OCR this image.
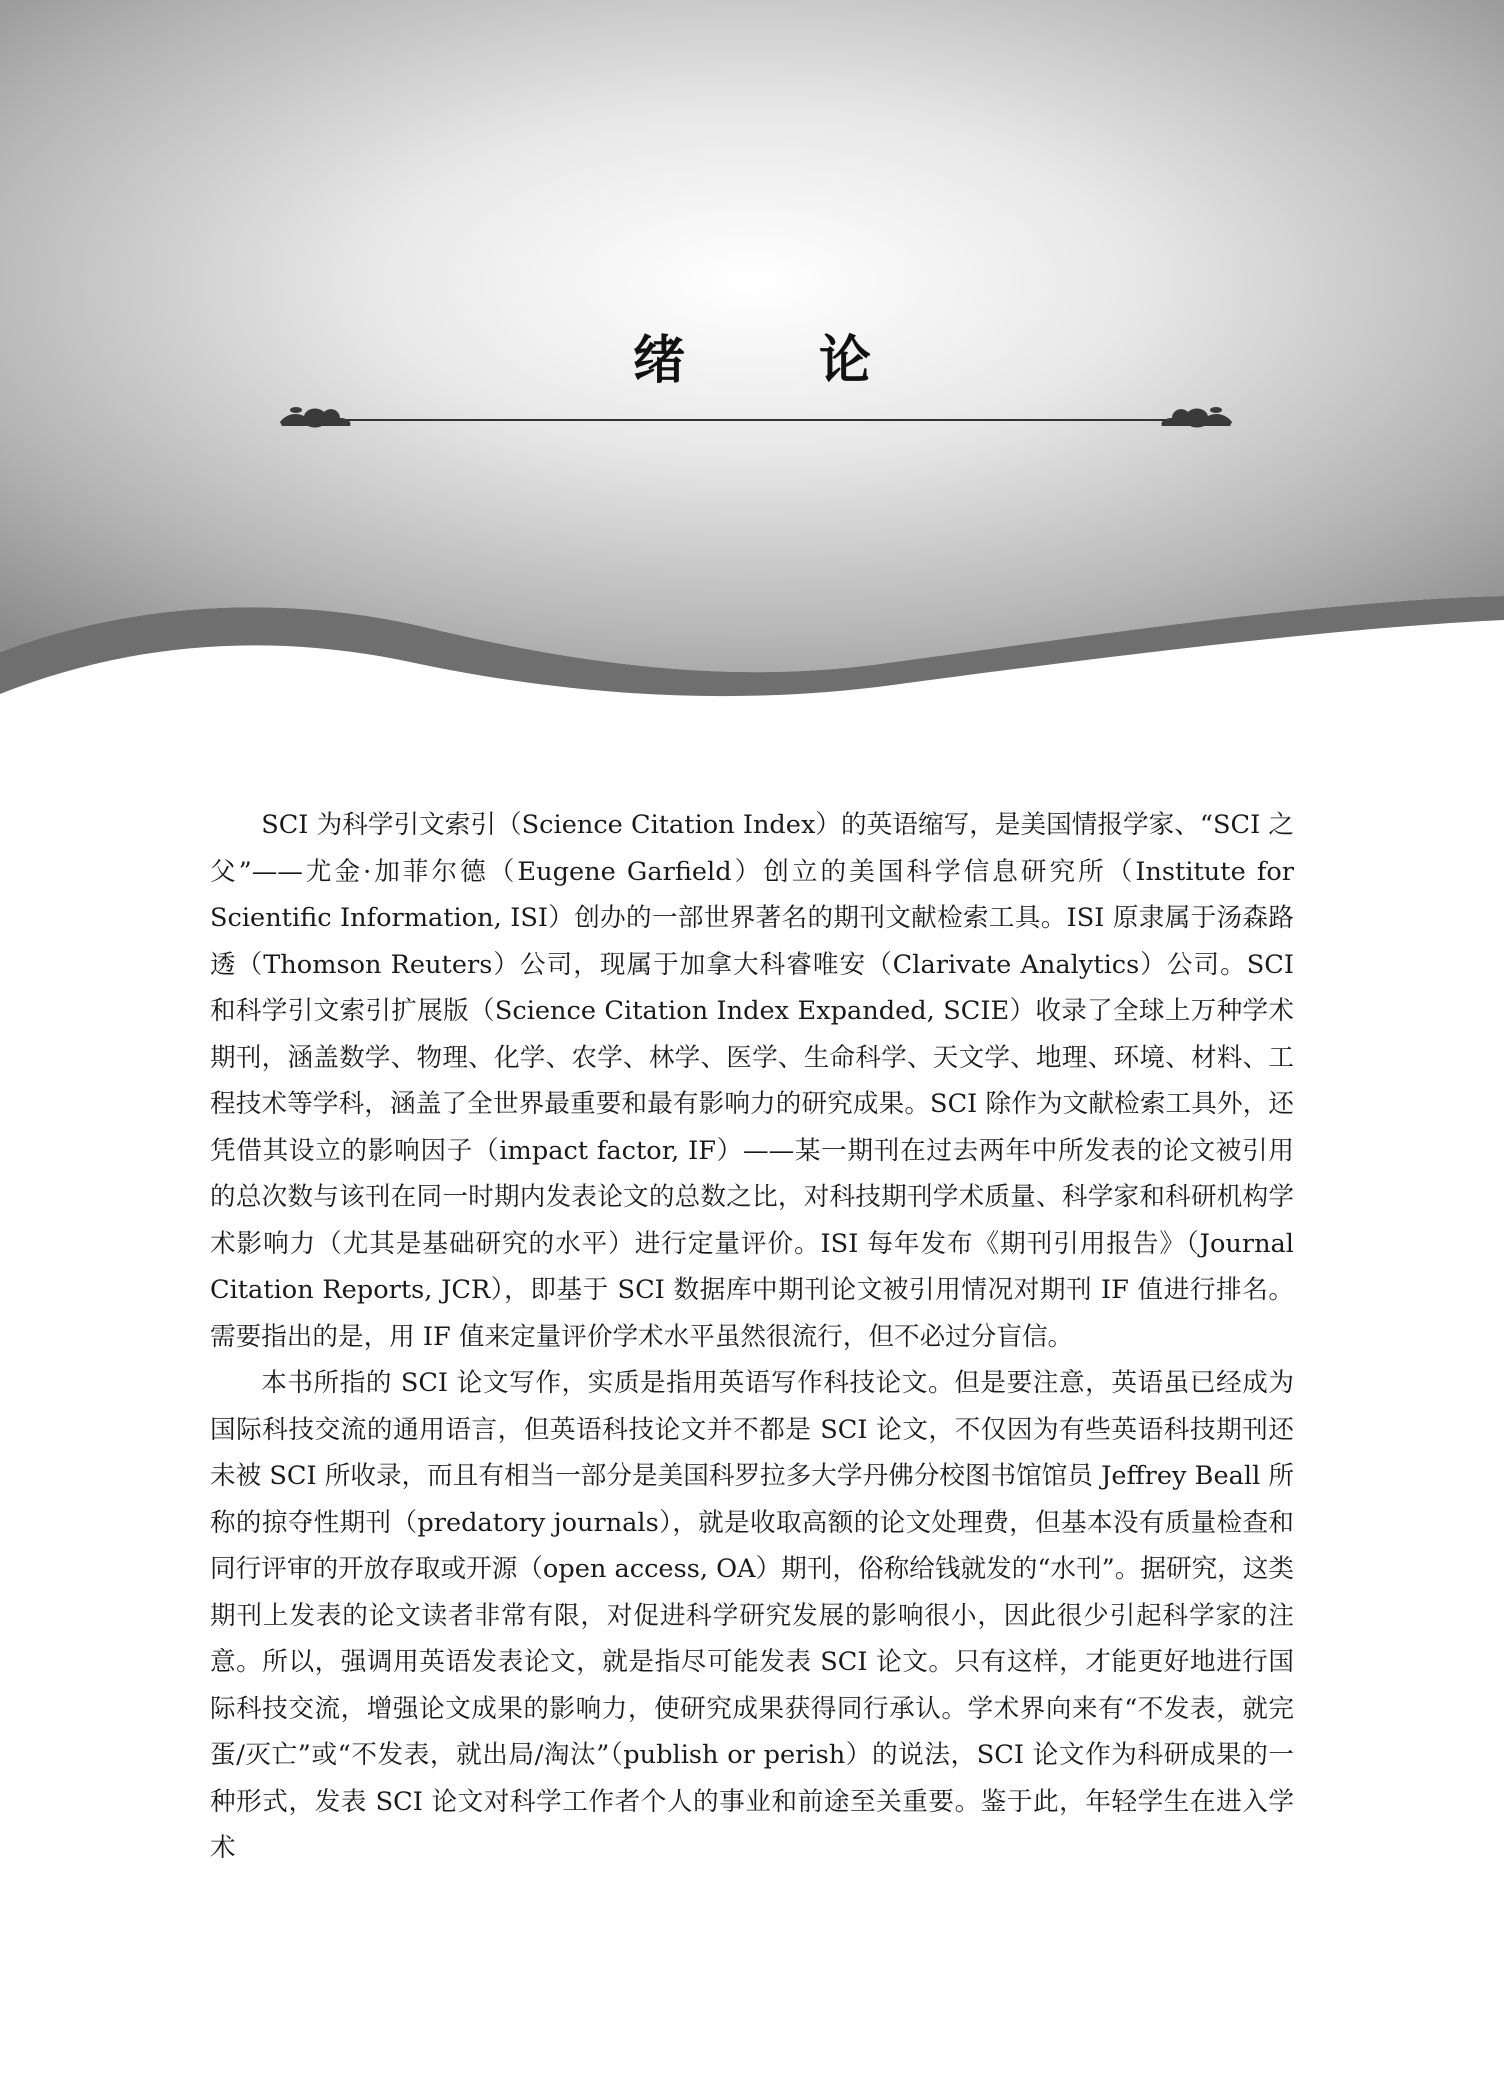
绪 论

SCI 为科学引文索引（Science Citation Index）的英语缩写，是美国情报学家、“SCI 之父”——尤金·加菲尔德（Eugene Garfield）创立的美国科学信息研究所（Institute for Scientific Information, ISI）创办的一部世界著名的期刊文献检索工具。ISI 原隶属于汤森路透（Thomson Reuters）公司，现属于加拿大科睿唯安（Clarivate Analytics）公司。SCI 和科学引文索引扩展版（Science Citation Index Expanded, SCIE）收录了全球上万种学术期刊，涵盖数学、物理、化学、农学、林学、医学、生命科学、天文学、地理、环境、材料、工程技术等学科，涵盖了全世界最重要和最有影响力的研究成果。SCI 除作为文献检索工具外，还凭借其设立的影响因子（impact factor, IF）——某一期刊在过去两年中所发表的论文被引用的总次数与该刊在同一时期内发表论文的总数之比，对科技期刊学术质量、科学家和科研机构学术影响力（尤其是基础研究的水平）进行定量评价。ISI 每年发布《期刊引用报告》（Journal Citation Reports, JCR），即基于 SCI 数据库中期刊论文被引用情况对期刊 IF 值进行排名。需要指出的是，用 IF 值来定量评价学术水平虽然很流行，但不必过分盲信。

本书所指的 SCI 论文写作，实质是指用英语写作科技论文。但是要注意，英语虽已经成为国际科技交流的通用语言，但英语科技论文并不都是 SCI 论文，不仅因为有些英语科技期刊还未被 SCI 所收录，而且有相当一部分是美国科罗拉多大学丹佛分校图书馆馆员 Jeffrey Beall 所称的掠夺性期刊（predatory journals），就是收取高额的论文处理费，但基本没有质量检查和同行评审的开放存取或开源（open access, OA）期刊，俗称给钱就发的“水刊”。据研究，这类期刊上发表的论文读者非常有限，对促进科学研究发展的影响很小，因此很少引起科学家的注意。所以，强调用英语发表论文，就是指尽可能发表 SCI 论文。只有这样，才能更好地进行国际科技交流，增强论文成果的影响力，使研究成果获得同行承认。学术界向来有“不发表，就完蛋/灭亡”或“不发表，就出局/淘汰”（publish or perish）的说法，SCI 论文作为科研成果的一种形式，发表 SCI 论文对科学工作者个人的事业和前途至关重要。鉴于此，年轻学生在进入学术
